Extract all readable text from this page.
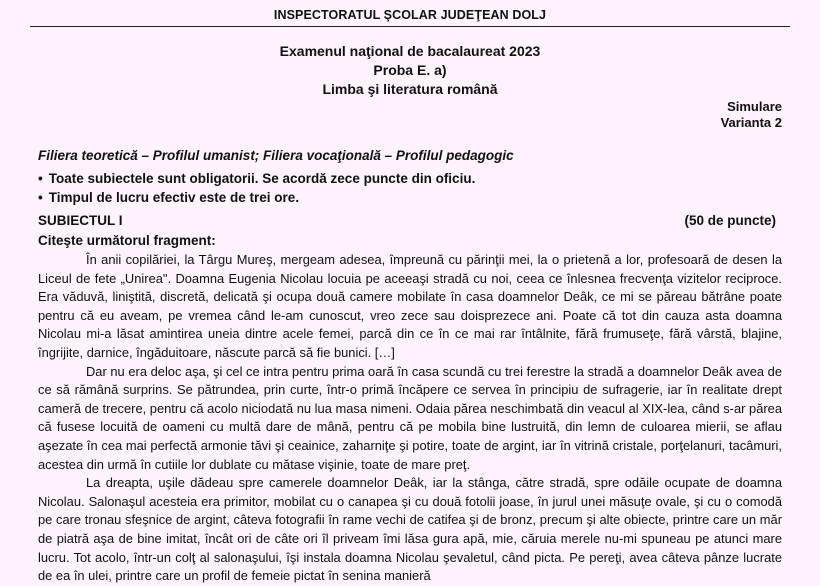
INSPECTORATUL ŞCOLAR JUDEŢEAN DOLJ
Examenul naţional de bacalaureat 2023
Proba E. a)
Limba şi literatura română
Simulare
Varianta 2
Filiera teoretică – Profilul umanist; Filiera vocaţională – Profilul pedagogic
• Toate subiectele sunt obligatorii. Se acordă zece puncte din oficiu.
• Timpul de lucru efectiv este de trei ore.
SUBIECTUL I	(50 de puncte)
Citeşte următorul fragment:

În anii copilăriei, la Târgu Mureş, mergeam adesea, împreună cu părinţii mei, la o prietenă a lor, profesoară de desen la Liceul de fete „Unirea". Doamna Eugenia Nicolau locuia pe aceeaşi stradă cu noi, ceea ce înlesnea frecvenţa vizitelor reciproce. Era văduvă, liniştită, discretă, delicată şi ocupa două camere mobilate în casa doamnelor Deâk, ce mi se păreau bătrâne poate pentru că eu aveam, pe vremea când le-am cunoscut, vreo zece sau doisprezece ani. Poate că tot din cauza asta doamna Nicolau mi-a lăsat amintirea uneia dintre acele femei, parcă din ce în ce mai rar întâlnite, fără frumuseţe, fără vârstă, blajine, îngrijite, darnice, îngăduitoare, născute parcă să fie bunici. […]

Dar nu era deloc aşa, şi cel ce intra pentru prima oară în casa scundă cu trei ferestre la stradă a doamnelor Deâk avea de ce să rămână surprins. Se pătrundea, prin curte, într-o primă încăpere ce servea în principiu de sufragerie, iar în realitate drept cameră de trecere, pentru că acolo niciodată nu lua masa nimeni. Odaia părea neschimbată din veacul al XIX-lea, când s-ar părea că fusese locuită de oameni cu multă dare de mână, pentru că pe mobila bine lustruită, din lemn de culoarea mierii, se aflau aşezate în cea mai perfectă armonie tăvi şi ceainice, zaharniţe şi potire, toate de argint, iar în vitrină cristale, porţelanuri, tacâmuri, acestea din urmă în cutiile lor dublate cu mătase vişinie, toate de mare preţ.

La dreapta, uşile dădeau spre camerele doamnelor Deâk, iar la stânga, către stradă, spre odăile ocupate de doamna Nicolau. Salonaşul acesteia era primitor, mobilat cu o canapea şi cu două fotolii joase, în jurul unei măsuţe ovale, şi cu o comodă pe care tronau sfeşnice de argint, câteva fotografii în rame vechi de catifea şi de bronz, precum şi alte obiecte, printre care un măr de piatră aşa de bine imitat, încât ori de câte ori îl priveam îmi lăsa gura apă, mie, căruia merele nu-mi spuneau pe atunci mare lucru. Tot acolo, într-un colţ al salonaşului, îşi instala doamna Nicolau şevaletul, când picta. Pe pereţi, avea câteva pânze lucrate de ea în ulei, printre care un profil de femeie pictat în senina manieră
